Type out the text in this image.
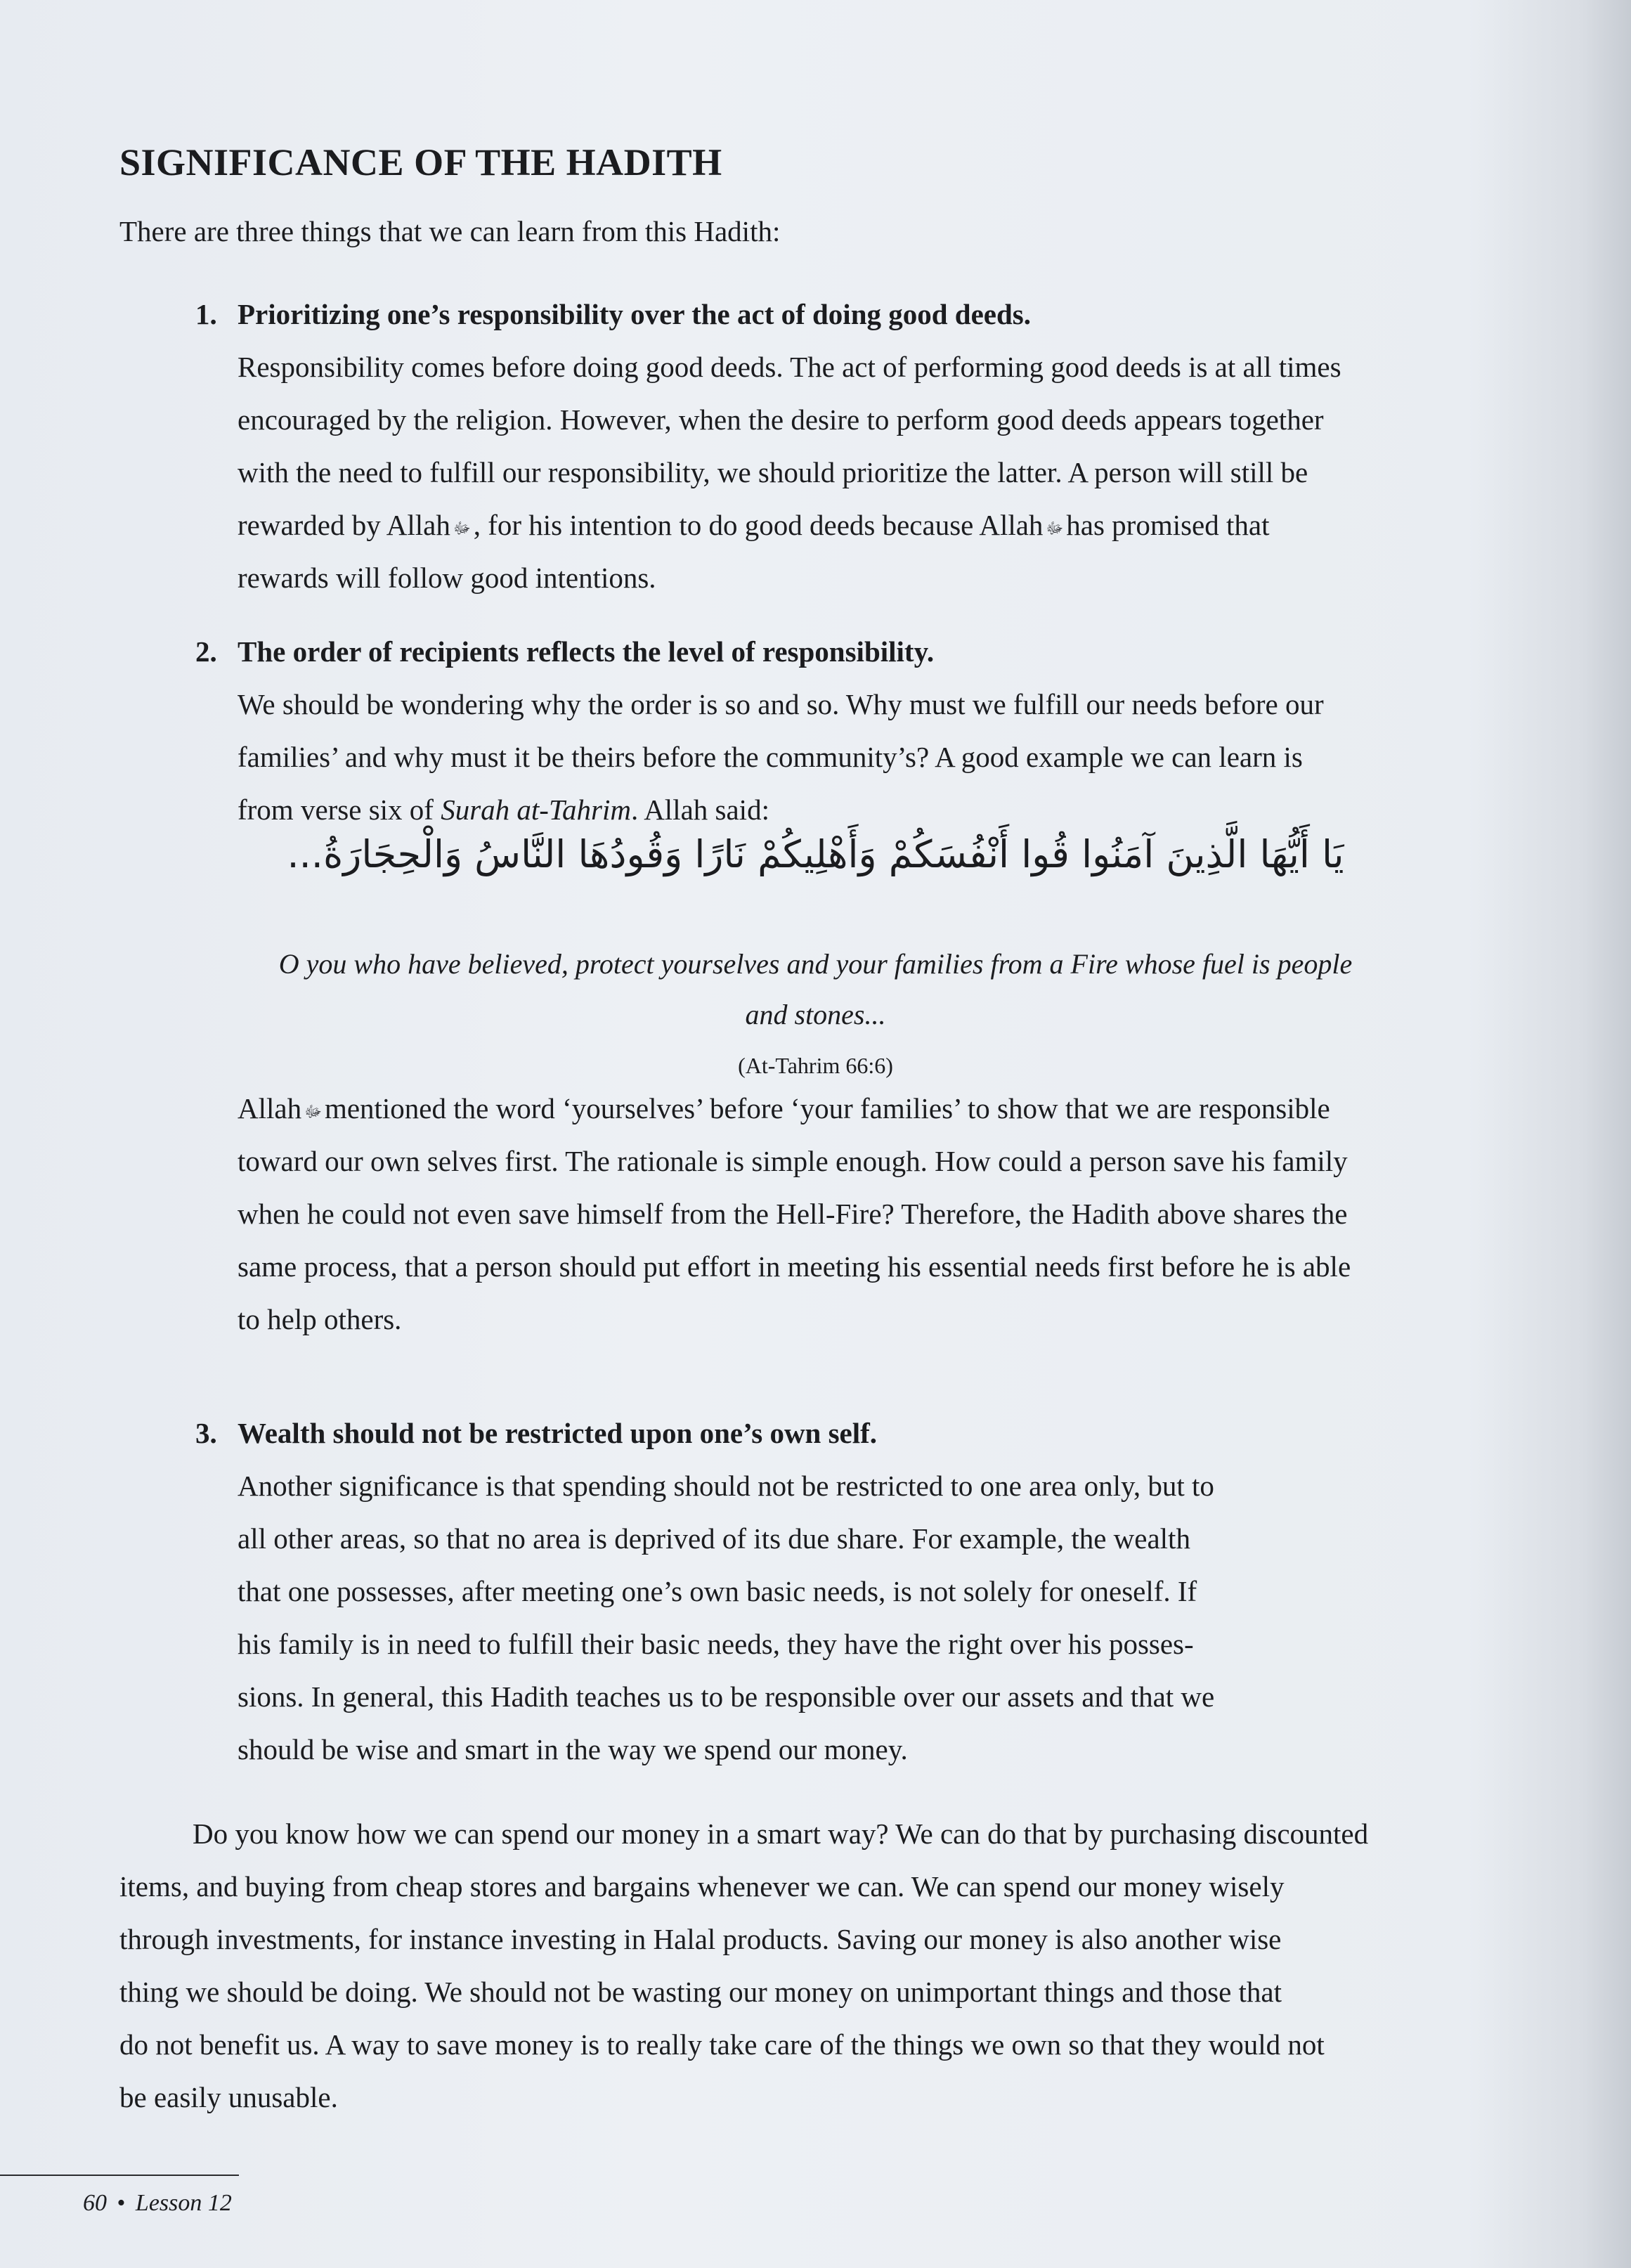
SIGNIFICANCE OF THE HADITH

There are three things that we can learn from this Hadith:

1. Prioritizing one’s responsibility over the act of doing good deeds.
Responsibility comes before doing good deeds. The act of performing good deeds is at all times
encouraged by the religion. However, when the desire to perform good deeds appears together
with the need to fulfill our responsibility, we should prioritize the latter. A person will still be
rewarded by Allah ﷻ, for his intention to do good deeds because Allah ﷻhas promised that
rewards will follow good intentions.
2. The order of recipients reflects the level of responsibility.
We should be wondering why the order is so and so. Why must we fulfill our needs before our
families’ and why must it be theirs before the community’s? A good example we can learn is
from verse six of Surah at-Tahrim. Allah said:
يَا أَيُّهَا الَّذِينَ آمَنُوا قُوا أَنْفُسَكُمْ وَأَهْلِيكُمْ نَارًا وَقُودُهَا النَّاسُ وَالْحِجَارَةُ...
O you who have believed, protect yourselves and your families from a Fire whose fuel is people
and stones...
(At-Tahrim 66:6)
Allah ﷻmentioned the word ‘yourselves’ before ‘your families’ to show that we are responsible
toward our own selves first. The rationale is simple enough. How could a person save his family
when he could not even save himself from the Hell-Fire? Therefore, the Hadith above shares the
same process, that a person should put effort in meeting his essential needs first before he is able
to help others.
3. Wealth should not be restricted upon one’s own self.
Another significance is that spending should not be restricted to one area only, but to
all other areas, so that no area is deprived of its due share. For example, the wealth
that one possesses, after meeting one’s own basic needs, is not solely for oneself. If
his family is in need to fulfill their basic needs, they have the right over his posses-
sions. In general, this Hadith teaches us to be responsible over our assets and that we
should be wise and smart in the way we spend our money.
Do you know how we can spend our money in a smart way? We can do that by purchasing discounted
items, and buying from cheap stores and bargains whenever we can. We can spend our money wisely
through investments, for instance investing in Halal products. Saving our money is also another wise
thing we should be doing. We should not be wasting our money on unimportant things and those that
do not benefit us. A way to save money is to really take care of the things we own so that they would not
be easily unusable.
60 • Lesson 12
